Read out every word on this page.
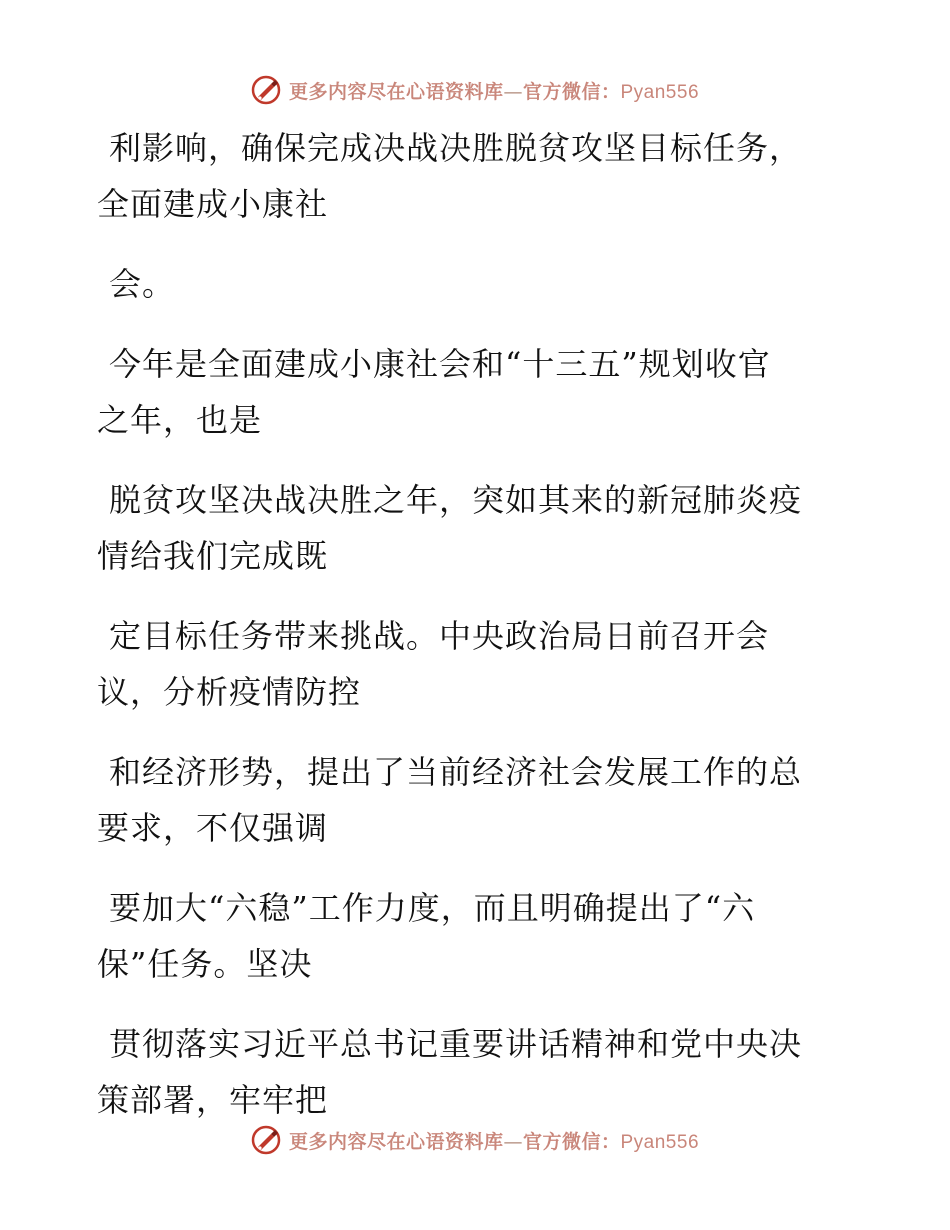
更多内容尽在心语资料库—官方微信：Pyan556
利影响，确保完成决战决胜脱贫攻坚目标任务，
全面建成小康社
会。
今年是全面建成小康社会和“十三五”规划收官
之年，也是
脱贫攻坚决战决胜之年，突如其来的新冠肺炎疫
情给我们完成既
定目标任务带来挑战。中央政治局日前召开会
议，分析疫情防控
和经济形势，提出了当前经济社会发展工作的总
要求，不仅强调
要加大“六稳”工作力度，而且明确提出了“六
保”任务。坚决
贯彻落实习近平总书记重要讲话精神和党中央决
策部署，牢牢把
更多内容尽在心语资料库—官方微信：Pyan556
